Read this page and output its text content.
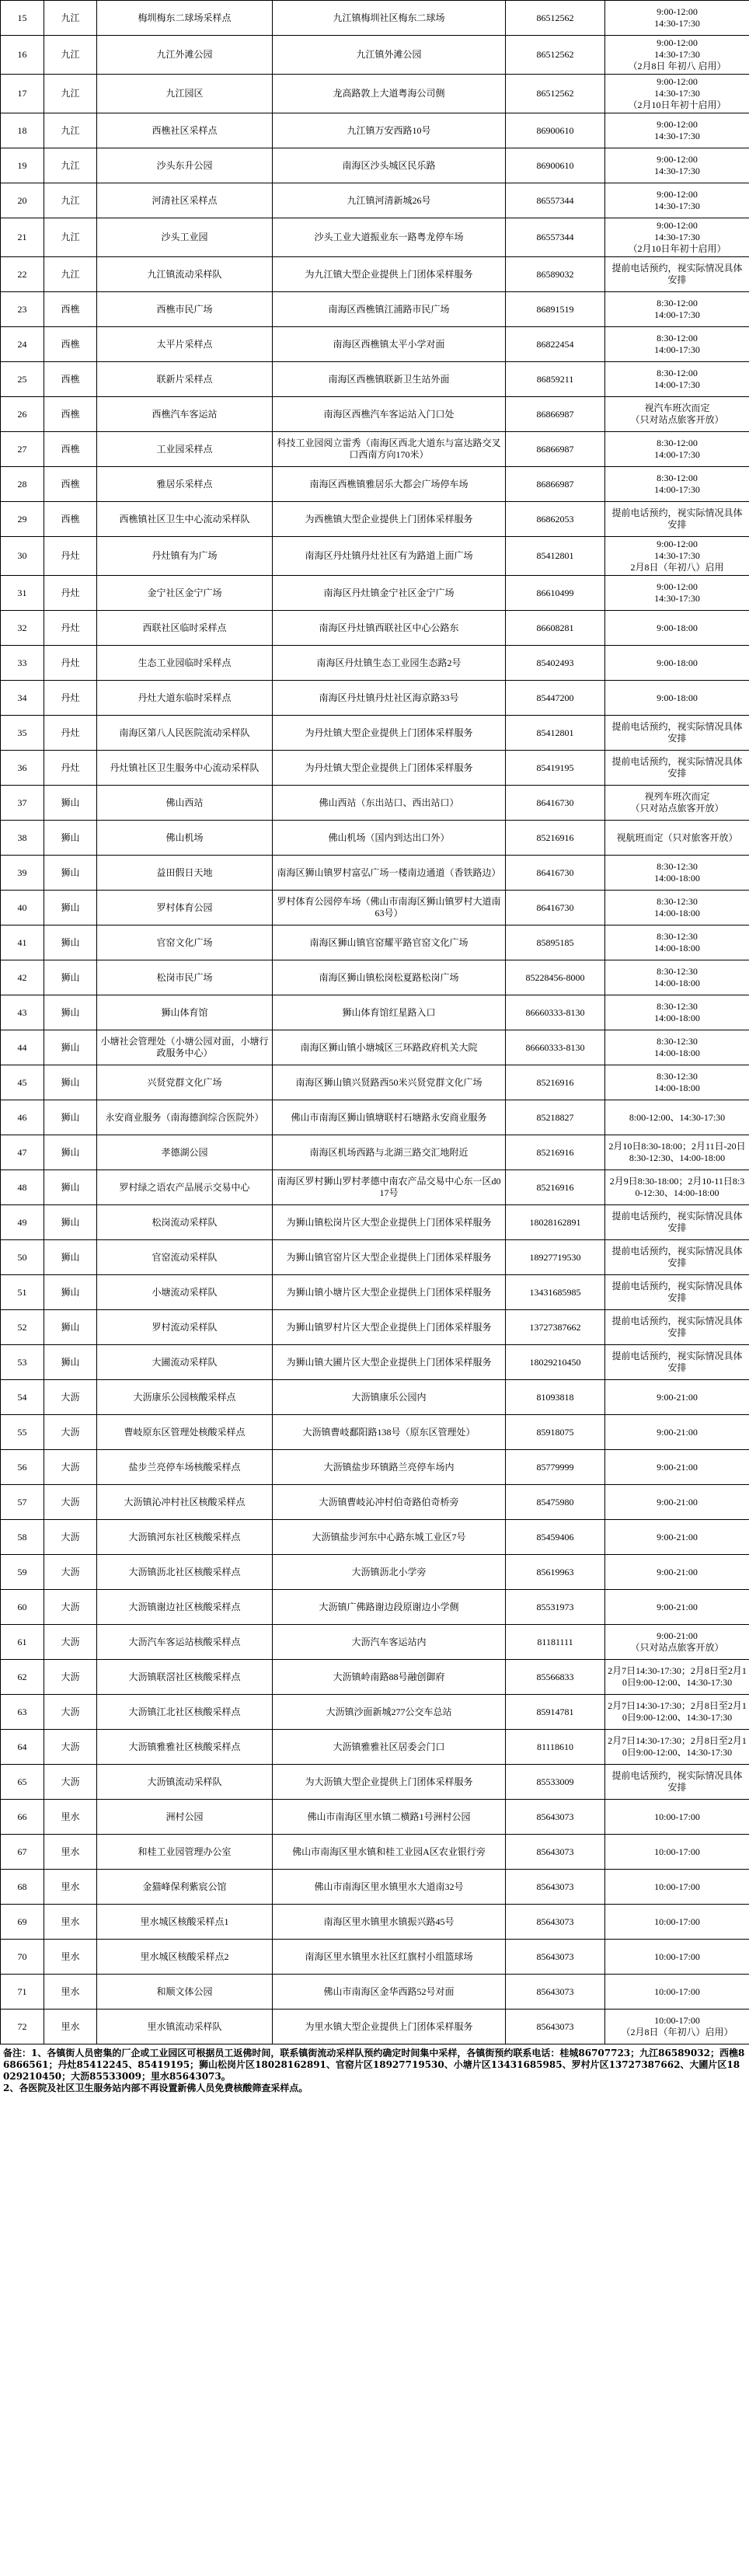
15	九江	梅圳梅东二球场采样点	九江镇梅圳社区梅东二球场	86512562	9:00-12:00
14:30-17:30
16	九江	九江外滩公园	九江镇外滩公园	86512562	9:00-12:00
14:30-17:30
（2月8日 年初八 启用）
17	九江	九江园区	龙高路敦上大道粤海公司侧	86512562	9:00-12:00
14:30-17:30
（2月10日年初十启用）
18	九江	西樵社区采样点	九江镇万安西路10号	86900610	9:00-12:00
14:30-17:30
19	九江	沙头东升公园	南海区沙头城区民乐路	86900610	9:00-12:00
14:30-17:30
20	九江	河清社区采样点	九江镇河清新城26号	86557344	9:00-12:00
14:30-17:30
21	九江	沙头工业园	沙头工业大道振业东一路粤龙停车场	86557344	9:00-12:00
14:30-17:30
（2月10日年初十启用）
22	九江	九江镇流动采样队	为九江镇大型企业提供上门团体采样服务	86589032	提前电话预约，视实际情况具体安排
23	西樵	西樵市民广场	南海区西樵镇江浦路市民广场	86891519	8:30-12:00
14:00-17:30
24	西樵	太平片采样点	南海区西樵镇太平小学对面	86822454	8:30-12:00
14:00-17:30
25	西樵	联新片采样点	南海区西樵镇联新卫生站外面	86859211	8:30-12:00
14:00-17:30
26	西樵	西樵汽车客运站	南海区西樵汽车客运站入门口处	86866987	视汽车班次而定
（只对站点旅客开放）
27	西樵	工业园采样点	科技工业园阅立雷秀（南海区西北大道东与富达路交叉口西南方向170米）	86866987	8:30-12:00
14:00-17:30
28	西樵	雅居乐采样点	南海区西樵镇雅居乐大都会广场停车场	86866987	8:30-12:00
14:00-17:30
29	西樵	西樵镇社区卫生中心流动采样队	为西樵镇大型企业提供上门团体采样服务	86862053	提前电话预约，视实际情况具体安排
30	丹灶	丹灶镇有为广场	南海区丹灶镇丹灶社区有为路道上面广场	85412801	9:00-12:00
14:30-17:30
2月8日（年初八）启用
31	丹灶	金宁社区金宁广场	南海区丹灶镇金宁社区金宁广场	86610499	9:00-12:00
14:30-17:30
32	丹灶	西联社区临时采样点	南海区丹灶镇西联社区中心公路东	86608281	9:00-18:00
33	丹灶	生态工业园临时采样点	南海区丹灶镇生态工业园生态路2号	85402493	9:00-18:00
34	丹灶	丹灶大道东临时采样点	南海区丹灶镇丹灶社区海京路33号	85447200	9:00-18:00
35	丹灶	南海区第八人民医院流动采样队	为丹灶镇大型企业提供上门团体采样服务	85412801	提前电话预约，视实际情况具体安排
36	丹灶	丹灶镇社区卫生服务中心流动采样队	为丹灶镇大型企业提供上门团体采样服务	85419195	提前电话预约，视实际情况具体安排
37	狮山	佛山西站	佛山西站（东出站口、西出站口）	86416730	视列车班次而定
（只对站点旅客开放）
38	狮山	佛山机场	佛山机场（国内到达出口外）	85216916	视航班而定（只对旅客开放）
39	狮山	益田假日天地	南海区狮山镇罗村富弘广场一楼南边通道（香铁路边）	86416730	8:30-12:30
14:00-18:00
40	狮山	罗村体育公园	罗村体育公园停车场（佛山市南海区狮山镇罗村大道南63号）	86416730	8:30-12:30
14:00-18:00
41	狮山	官窑文化广场	南海区狮山镇官窑耀平路官窑文化广场	85895185	8:30-12:30
14:00-18:00
42	狮山	松岗市民广场	南海区狮山镇松岗松夏路松岗广场	85228456-8000	8:30-12:30
14:00-18:00
43	狮山	狮山体育馆	狮山体育馆红星路入口	86660333-8130	8:30-12:30
14:00-18:00
44	狮山	小塘社会管理处（小塘公园对面，小塘行政服务中心）	南海区狮山镇小塘城区三环路政府机关大院	86660333-8130	8:30-12:30
14:00-18:00
45	狮山	兴贤党群文化广场	南海区狮山镇兴贤路西50米兴贤党群文化广场	85216916	8:30-12:30
14:00-18:00
46	狮山	永安商业服务（南海德润综合医院外）	佛山市南海区狮山镇塘联村石塘路永安商业服务	85218827	8:00-12:00、14:30-17:30
47	狮山	孝德湖公园	南海区机场西路与北湖三路交汇地附近	85216916	2月10日8:30-18:00；2月11日-20日8:30-12:30、14:00-18:00
48	狮山	罗村绿之语农产品展示交易中心	南海区罗村狮山罗村孝德中南农产品交易中心东一区d017号	85216916	2月9日8:30-18:00；2月10-11日8:30-12:30、14:00-18:00
49	狮山	松岗流动采样队	为狮山镇松岗片区大型企业提供上门团体采样服务	18028162891	提前电话预约，视实际情况具体安排
50	狮山	官窑流动采样队	为狮山镇官窑片区大型企业提供上门团体采样服务	18927719530	提前电话预约，视实际情况具体安排
51	狮山	小塘流动采样队	为狮山镇小塘片区大型企业提供上门团体采样服务	13431685985	提前电话预约，视实际情况具体安排
52	狮山	罗村流动采样队	为狮山镇罗村片区大型企业提供上门团体采样服务	13727387662	提前电话预约，视实际情况具体安排
53	狮山	大圃流动采样队	为狮山镇大圃片区大型企业提供上门团体采样服务	18029210450	提前电话预约，视实际情况具体安排
54	大沥	大沥康乐公园核酸采样点	大沥镇康乐公园内	81093818	9:00-21:00
55	大沥	曹岐原东区管理处核酸采样点	大沥镇曹岐鄱阳路138号（原东区管理处）	85918075	9:00-21:00
56	大沥	盐步兰亮停车场核酸采样点	大沥镇盐步环镇路兰亮停车场内	85779999	9:00-21:00
57	大沥	大沥镇沁冲村社区核酸采样点	大沥镇曹岐沁冲村伯奇路伯奇桥旁	85475980	9:00-21:00
58	大沥	大沥镇河东社区核酸采样点	大沥镇盐步河东中心路东城工业区7号	85459406	9:00-21:00
59	大沥	大沥镇沥北社区核酸采样点	大沥镇沥北小学旁	85619963	9:00-21:00
60	大沥	大沥镇谢边社区核酸采样点	大沥镇广佛路谢边段原谢边小学侧	85531973	9:00-21:00
61	大沥	大沥汽车客运站核酸采样点	大沥汽车客运站内	81181111	9:00-21:00
（只对站点旅客开放）
62	大沥	大沥镇联滘社区核酸采样点	大沥镇岭南路88号融创御府	85566833	2月7日14:30-17:30；2月8日至2月10日9:00-12:00、14:30-17:30
63	大沥	大沥镇江北社区核酸采样点	大沥镇沙面新城277公交车总站	85914781	2月7日14:30-17:30；2月8日至2月10日9:00-12:00、14:30-17:30
64	大沥	大沥镇雅雅社区核酸采样点	大沥镇雅雅社区居委会门口	81118610	2月7日14:30-17:30；2月8日至2月10日9:00-12:00、14:30-17:30
65	大沥	大沥镇流动采样队	为大沥镇大型企业提供上门团体采样服务	85533009	提前电话预约，视实际情况具体安排
66	里水	洲村公园	佛山市南海区里水镇二横路1号洲村公园	85643073	10:00-17:00
67	里水	和桂工业园管理办公室	佛山市南海区里水镇和桂工业园A区农业银行旁	85643073	10:00-17:00
68	里水	金猫峰保利紫宸公馆	佛山市南海区里水镇里水大道南32号	85643073	10:00-17:00
69	里水	里水城区核酸采样点1	南海区里水镇里水镇振兴路45号	85643073	10:00-17:00
70	里水	里水城区核酸采样点2	南海区里水镇里水社区红旗村小组篮球场	85643073	10:00-17:00
71	里水	和顺文体公园	佛山市南海区金华西路52号对面	85643073	10:00-17:00
72	里水	里水镇流动采样队	为里水镇大型企业提供上门团体采样服务	85643073	10:00-17:00
（2月8日（年初八）启用）

备注：1、各镇街人员密集的厂企或工业园区可根据员工返佛时间，联系镇街流动采样队预约确定时间集中采样，各镇街预约联系电话：桂城86707723；九江86589032；西樵86866561；丹灶85412245、85419195；狮山松岗片区18028162891、官窑片区18927719530、小塘片区13431685985、罗村片区13727387662、大圃片区18029210450；大沥85533009；里水85643073。

2、各医院及社区卫生服务站内部不再设置新佛人员免费核酸筛查采样点。
